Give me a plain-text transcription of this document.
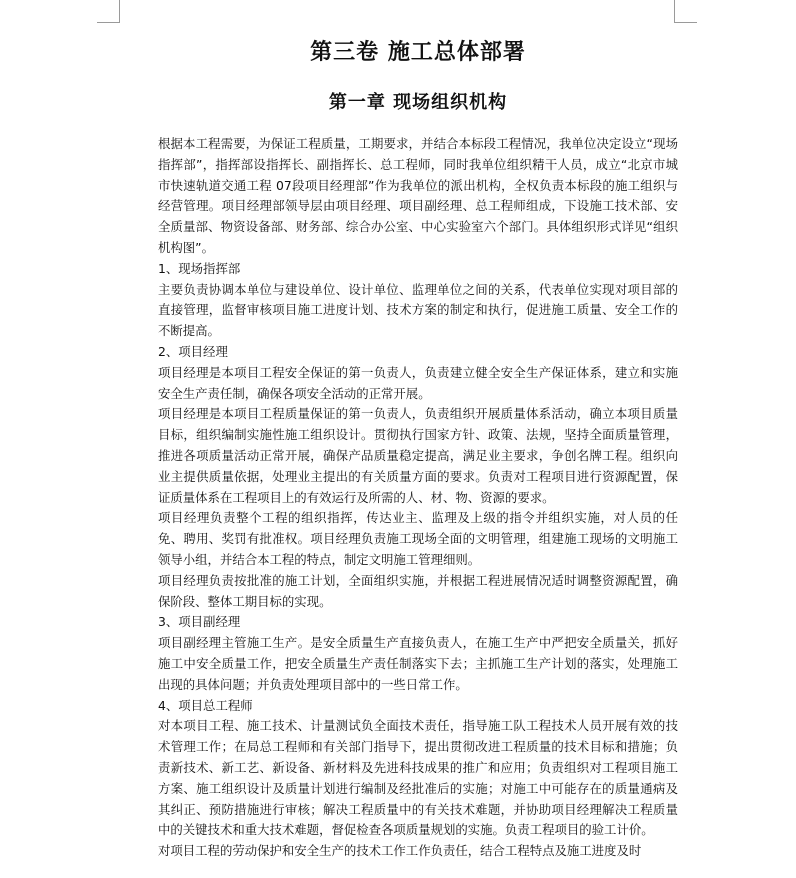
第三卷 施工总体部署
第一章 现场组织机构

根据本工程需要，为保证工程质量，工期要求，并结合本标段工程情况，我单位决定设立“现场指挥部”，指挥部设指挥长、副指挥长、总工程师，同时我单位组织精干人员，成立“北京市城市快速轨道交通工程 07段项目经理部”作为我单位的派出机构，全权负责本标段的施工组织与经营管理。项目经理部领导层由项目经理、项目副经理、总工程师组成，下设施工技术部、安全质量部、物资设备部、财务部、综合办公室、中心实验室六个部门。具体组织形式详见“组织机构图”。

1、现场指挥部

主要负责协调本单位与建设单位、设计单位、监理单位之间的关系，代表单位实现对项目部的直接管理，监督审核项目施工进度计划、技术方案的制定和执行，促进施工质量、安全工作的不断提高。

2、项目经理

项目经理是本项目工程安全保证的第一负责人，负责建立健全安全生产保证体系，建立和实施安全生产责任制，确保各项安全活动的正常开展。

项目经理是本项目工程质量保证的第一负责人，负责组织开展质量体系活动，确立本项目质量目标，组织编制实施性施工组织设计。贯彻执行国家方针、政策、法规，坚持全面质量管理，推进各项质量活动正常开展，确保产品质量稳定提高，满足业主要求，争创名牌工程。组织向业主提供质量依据，处理业主提出的有关质量方面的要求。负责对工程项目进行资源配置，保证质量体系在工程项目上的有效运行及所需的人、材、物、资源的要求。

项目经理负责整个工程的组织指挥，传达业主、监理及上级的指令并组织实施，对人员的任免、聘用、奖罚有批准权。项目经理负责施工现场全面的文明管理，组建施工现场的文明施工领导小组，并结合本工程的特点，制定文明施工管理细则。

项目经理负责按批准的施工计划，全面组织实施，并根据工程进展情况适时调整资源配置，确保阶段、整体工期目标的实现。

3、项目副经理

项目副经理主管施工生产。是安全质量生产直接负责人，在施工生产中严把安全质量关，抓好施工中安全质量工作，把安全质量生产责任制落实下去；主抓施工生产计划的落实，处理施工出现的具体问题；并负责处理项目部中的一些日常工作。

4、项目总工程师

对本项目工程、施工技术、计量测试负全面技术责任，指导施工队工程技术人员开展有效的技术管理工作；在局总工程师和有关部门指导下，提出贯彻改进工程质量的技术目标和措施；负责新技术、新工艺、新设备、新材料及先进科技成果的推广和应用；负责组织对工程项目施工方案、施工组织设计及质量计划进行编制及经批准后的实施；对施工中可能存在的质量通病及其纠正、预防措施进行审核；解决工程质量中的有关技术难题，并协助项目经理解决工程质量中的关键技术和重大技术难题，督促检查各项质量规划的实施。负责工程项目的验工计价。

对项目工程的劳动保护和安全生产的技术工作工作负责任，结合工程特点及施工进度及时
